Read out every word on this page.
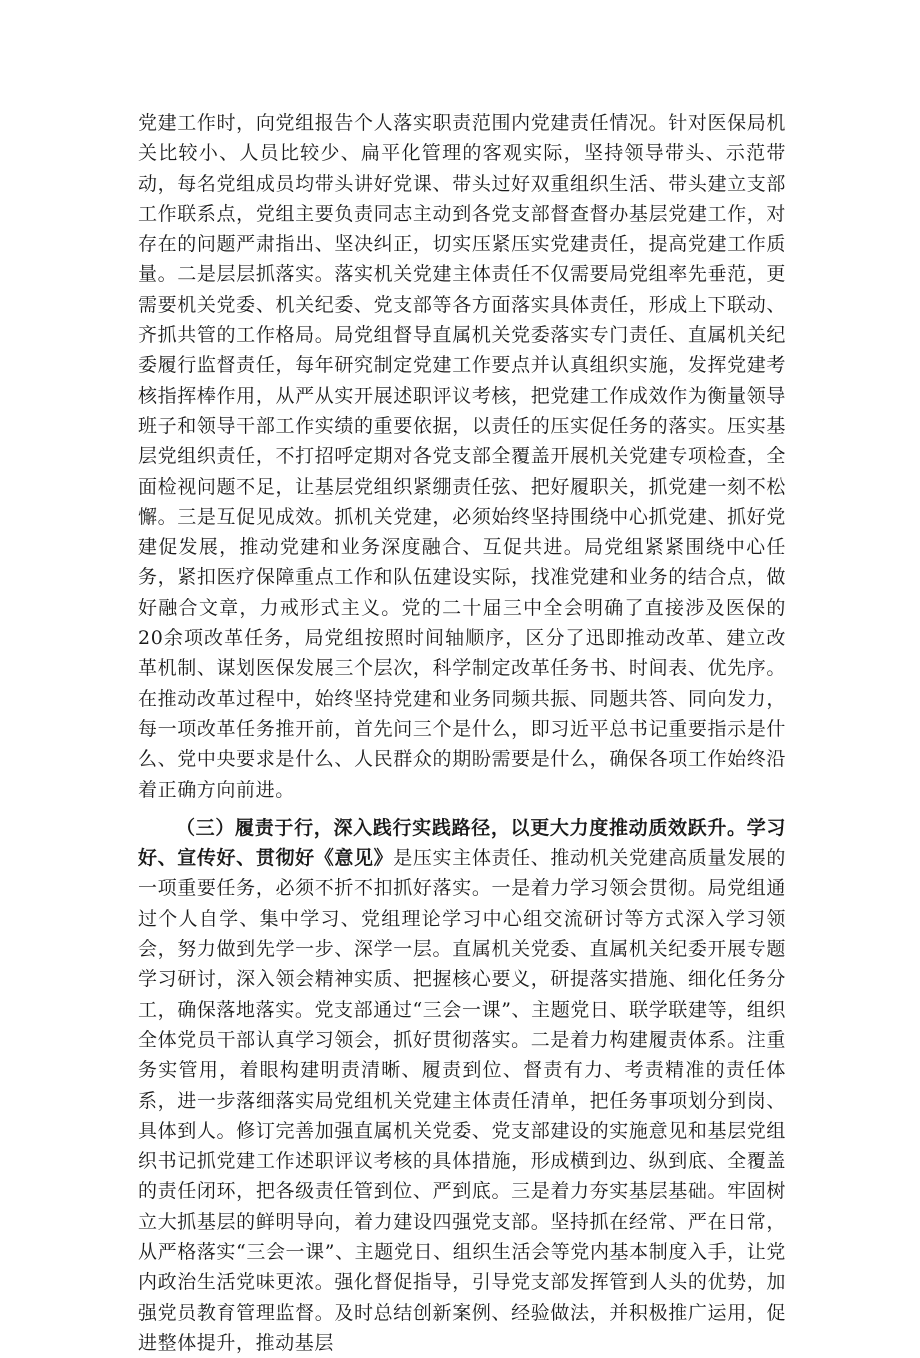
党建工作时，向党组报告个人落实职责范围内党建责任情况。针对医保局机关比较小、人员比较少、扁平化管理的客观实际，坚持领导带头、示范带动，每名党组成员均带头讲好党课、带头过好双重组织生活、带头建立支部工作联系点，党组主要负责同志主动到各党支部督查督办基层党建工作，对存在的问题严肃指出、坚决纠正，切实压紧压实党建责任，提高党建工作质量。二是层层抓落实。落实机关党建主体责任不仅需要局党组率先垂范，更需要机关党委、机关纪委、党支部等各方面落实具体责任，形成上下联动、齐抓共管的工作格局。局党组督导直属机关党委落实专门责任、直属机关纪委履行监督责任，每年研究制定党建工作要点并认真组织实施，发挥党建考核指挥棒作用，从严从实开展述职评议考核，把党建工作成效作为衡量领导班子和领导干部工作实绩的重要依据，以责任的压实促任务的落实。压实基层党组织责任，不打招呼定期对各党支部全覆盖开展机关党建专项检查，全面检视问题不足，让基层党组织紧绷责任弦、把好履职关，抓党建一刻不松懈。三是互促见成效。抓机关党建，必须始终坚持围绕中心抓党建、抓好党建促发展，推动党建和业务深度融合、互促共进。局党组紧紧围绕中心任务，紧扣医疗保障重点工作和队伍建设实际，找准党建和业务的结合点，做好融合文章，力戒形式主义。党的二十届三中全会明确了直接涉及医保的20余项改革任务，局党组按照时间轴顺序，区分了迅即推动改革、建立改革机制、谋划医保发展三个层次，科学制定改革任务书、时间表、优先序。在推动改革过程中，始终坚持党建和业务同频共振、同题共答、同向发力，每一项改革任务推开前，首先问三个是什么，即习近平总书记重要指示是什么、党中央要求是什么、人民群众的期盼需要是什么，确保各项工作始终沿着正确方向前进。

（三）履责于行，深入践行实践路径，以更大力度推动质效跃升。学习好、宣传好、贯彻好《意见》是压实主体责任、推动机关党建高质量发展的一项重要任务，必须不折不扣抓好落实。一是着力学习领会贯彻。局党组通过个人自学、集中学习、党组理论学习中心组交流研讨等方式深入学习领会，努力做到先学一步、深学一层。直属机关党委、直属机关纪委开展专题学习研讨，深入领会精神实质、把握核心要义，研提落实措施、细化任务分工，确保落地落实。党支部通过“三会一课”、主题党日、联学联建等，组织全体党员干部认真学习领会，抓好贯彻落实。二是着力构建履责体系。注重务实管用，着眼构建明责清晰、履责到位、督责有力、考责精准的责任体系，进一步落细落实局党组机关党建主体责任清单，把任务事项划分到岗、具体到人。修订完善加强直属机关党委、党支部建设的实施意见和基层党组织书记抓党建工作述职评议考核的具体措施，形成横到边、纵到底、全覆盖的责任闭环，把各级责任管到位、严到底。三是着力夯实基层基础。牢固树立大抓基层的鲜明导向，着力建设四强党支部。坚持抓在经常、严在日常，从严格落实“三会一课”、主题党日、组织生活会等党内基本制度入手，让党内政治生活党味更浓。强化督促指导，引导党支部发挥管到人头的优势，加强党员教育管理监督。及时总结创新案例、经验做法，并积极推广运用，促进整体提升，推动基层
